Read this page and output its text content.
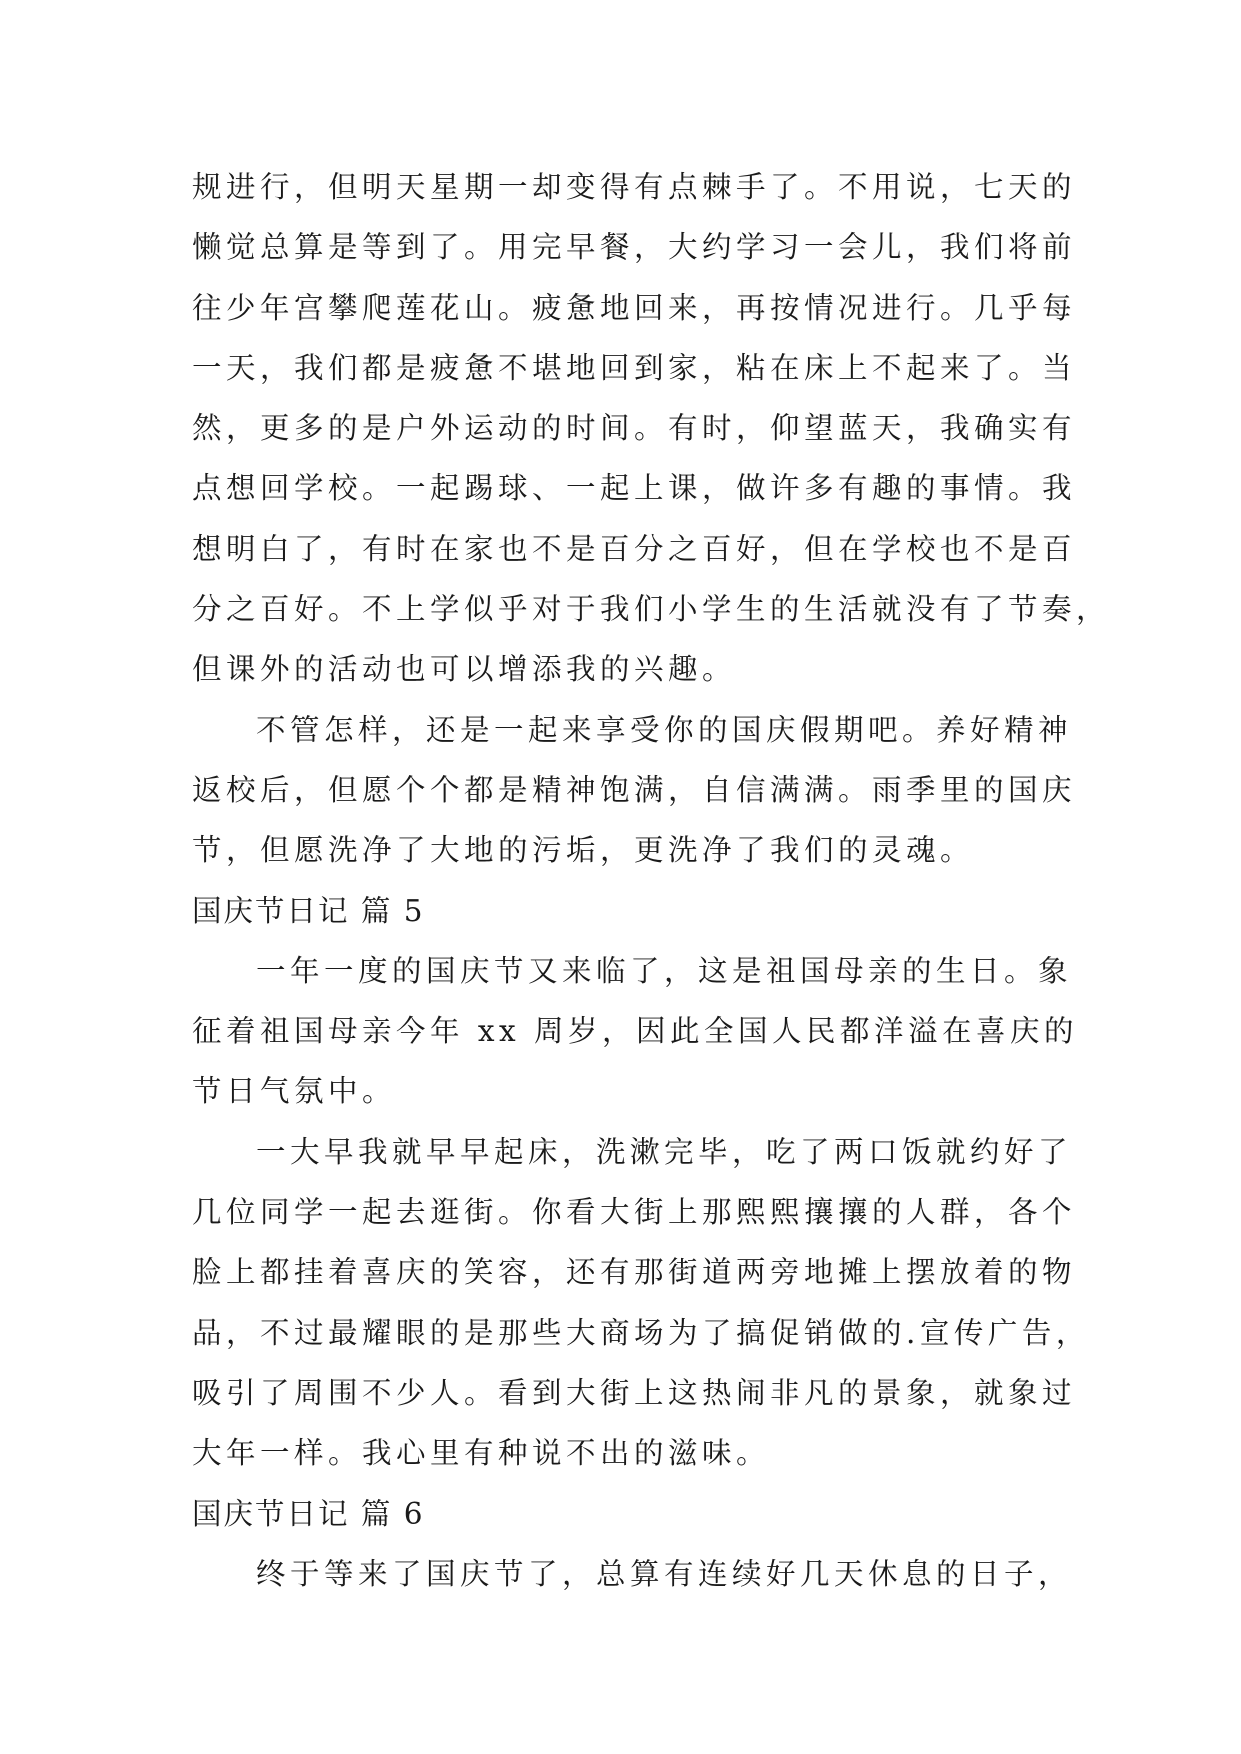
规进行，但明天星期一却变得有点棘手了。不用说，七天的
懒觉总算是等到了。用完早餐，大约学习一会儿，我们将前
往少年宫攀爬莲花山。疲惫地回来，再按情况进行。几乎每
一天，我们都是疲惫不堪地回到家，粘在床上不起来了。当
然，更多的是户外运动的时间。有时，仰望蓝天，我确实有
点想回学校。一起踢球、一起上课，做许多有趣的事情。我
想明白了，有时在家也不是百分之百好，但在学校也不是百
分之百好。不上学似乎对于我们小学生的生活就没有了节奏，
但课外的活动也可以增添我的兴趣。
不管怎样，还是一起来享受你的国庆假期吧。养好精神
返校后，但愿个个都是精神饱满，自信满满。雨季里的国庆
节，但愿洗净了大地的污垢，更洗净了我们的灵魂。
国庆节日记 篇 5
一年一度的国庆节又来临了，这是祖国母亲的生日。象
征着祖国母亲今年 xx 周岁，因此全国人民都洋溢在喜庆的
节日气氛中。
一大早我就早早起床，洗漱完毕，吃了两口饭就约好了
几位同学一起去逛街。你看大街上那熙熙攘攘的人群，各个
脸上都挂着喜庆的笑容，还有那街道两旁地摊上摆放着的物
品，不过最耀眼的是那些大商场为了搞促销做的.宣传广告，
吸引了周围不少人。看到大街上这热闹非凡的景象，就象过
大年一样。我心里有种说不出的滋味。
国庆节日记 篇 6
终于等来了国庆节了，总算有连续好几天休息的日子，
